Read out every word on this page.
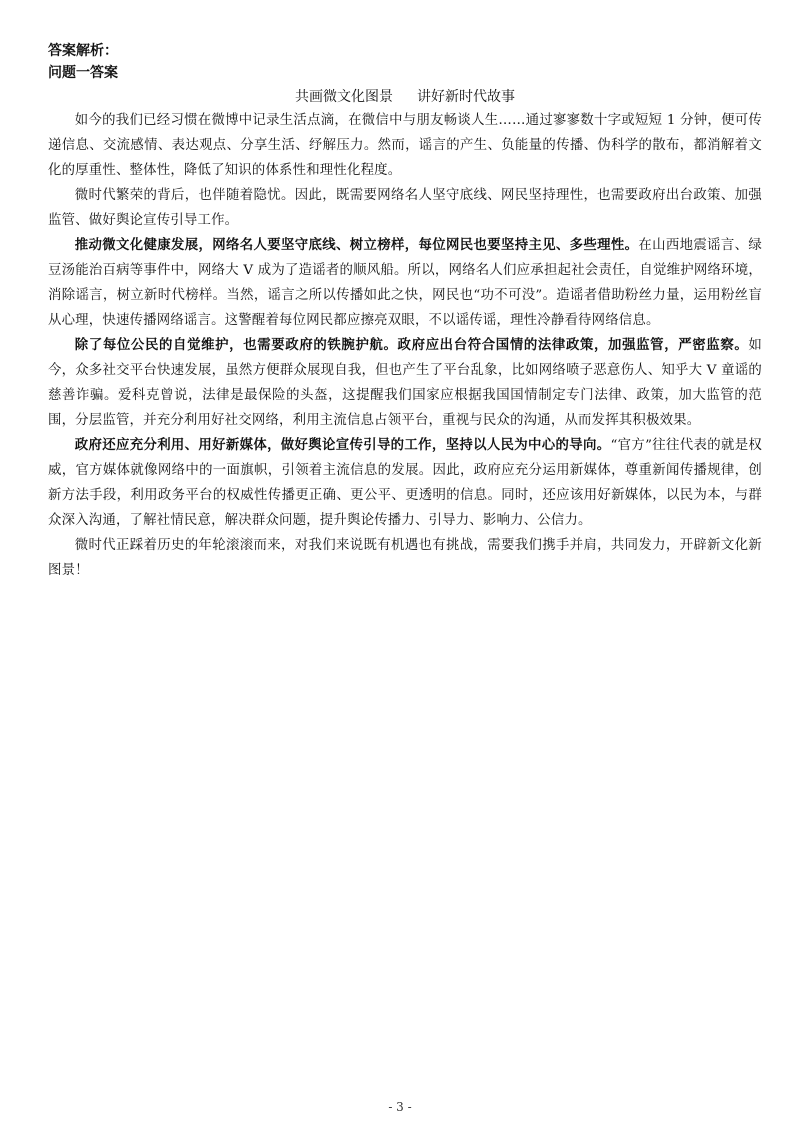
答案解析：
问题一答案
共画微文化图景 讲好新时代故事

如今的我们已经习惯在微博中记录生活点滴，在微信中与朋友畅谈人生……通过寥寥数十字或短短 1 分钟，便可传递信息、交流感情、表达观点、分享生活、纾解压力。然而，谣言的产生、负能量的传播、伪科学的散布，都消解着文化的厚重性、整体性，降低了知识的体系性和理性化程度。

微时代繁荣的背后，也伴随着隐忧。因此，既需要网络名人坚守底线、网民坚持理性，也需要政府出台政策、加强监管、做好舆论宣传引导工作。

推动微文化健康发展，网络名人要坚守底线、树立榜样，每位网民也要坚持主见、多些理性。在山西地震谣言、绿豆汤能治百病等事件中，网络大 V 成为了造谣者的顺风船。所以，网络名人们应承担起社会责任，自觉维护网络环境，消除谣言，树立新时代榜样。当然，谣言之所以传播如此之快，网民也“功不可没”。造谣者借助粉丝力量，运用粉丝盲从心理，快速传播网络谣言。这警醒着每位网民都应擦亮双眼，不以谣传谣，理性冷静看待网络信息。

除了每位公民的自觉维护，也需要政府的铁腕护航。政府应出台符合国情的法律政策，加强监管，严密监察。如今，众多社交平台快速发展，虽然方便群众展现自我，但也产生了平台乱象，比如网络喷子恶意伤人、知乎大 V 童谣的慈善诈骗。爱科克曾说，法律是最保险的头盔，这提醒我们国家应根据我国国情制定专门法律、政策，加大监管的范围，分层监管，并充分利用好社交网络，利用主流信息占领平台，重视与民众的沟通，从而发挥其积极效果。

政府还应充分利用、用好新媒体，做好舆论宣传引导的工作，坚持以人民为中心的导向。“官方”往往代表的就是权威，官方媒体就像网络中的一面旗帜，引领着主流信息的发展。因此，政府应充分运用新媒体，尊重新闻传播规律，创新方法手段，利用政务平台的权威性传播更正确、更公平、更透明的信息。同时，还应该用好新媒体，以民为本，与群众深入沟通，了解社情民意，解决群众问题，提升舆论传播力、引导力、影响力、公信力。

微时代正踩着历史的年轮滚滚而来，对我们来说既有机遇也有挑战，需要我们携手并肩，共同发力，开辟新文化新图景！

- 3 -
